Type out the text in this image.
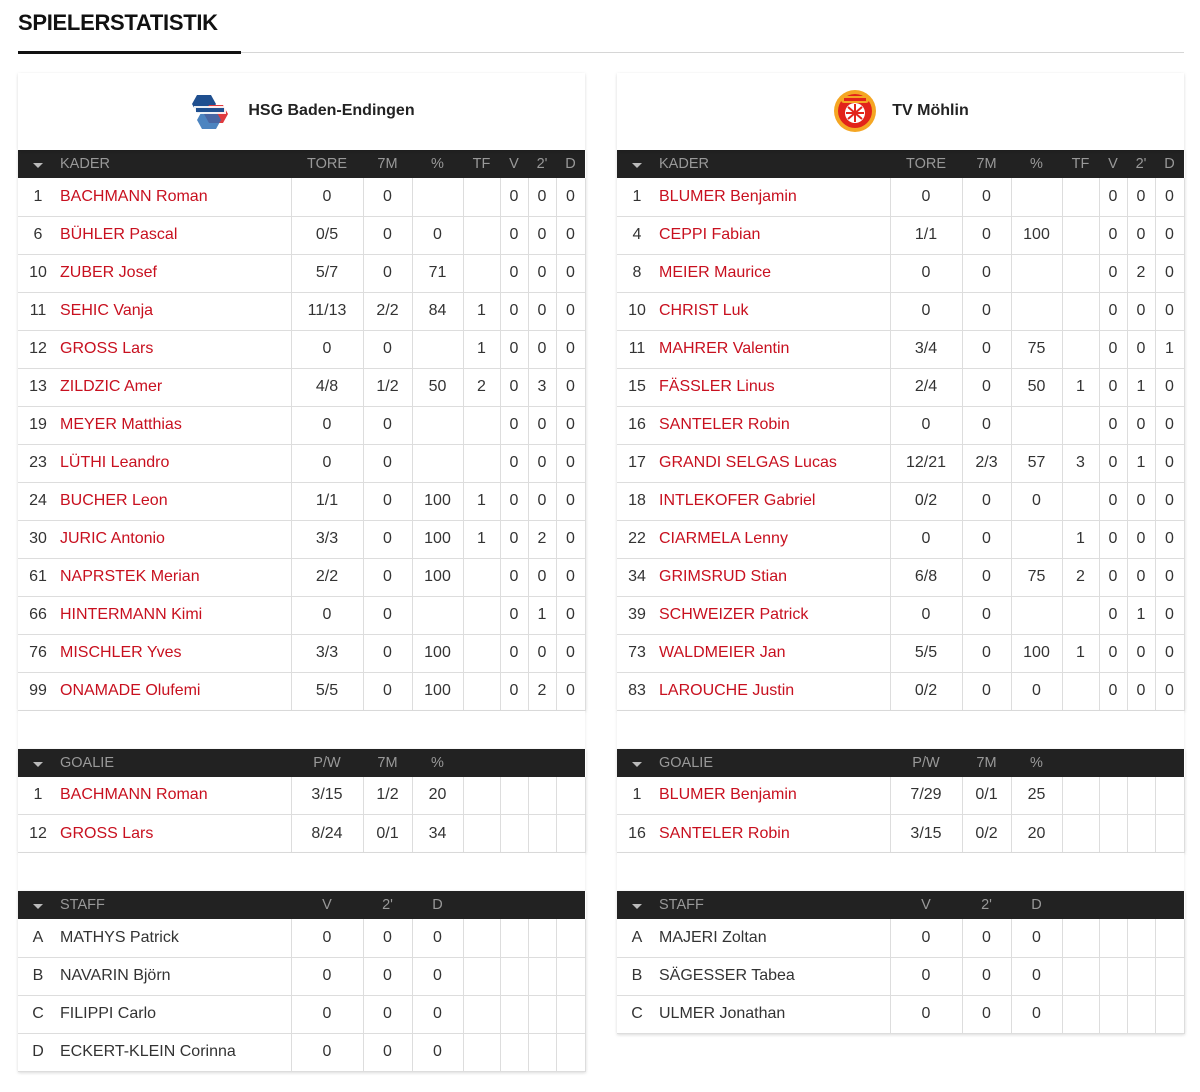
SPIELERSTATISTIK
HSG Baden-Endingen
	KADER	TORE	7M	%	TF	V	2'	D
1	BACHMANN Roman	0	0			0	0	0
6	BÜHLER Pascal	0/5	0	0		0	0	0
10	ZUBER Josef	5/7	0	71		0	0	0
11	SEHIC Vanja	11/13	2/2	84	1	0	0	0
12	GROSS Lars	0	0		1	0	0	0
13	ZILDZIC Amer	4/8	1/2	50	2	0	3	0
19	MEYER Matthias	0	0			0	0	0
23	LÜTHI Leandro	0	0			0	0	0
24	BUCHER Leon	1/1	0	100	1	0	0	0
30	JURIC Antonio	3/3	0	100	1	0	2	0
61	NAPRSTEK Merian	2/2	0	100		0	0	0
66	HINTERMANN Kimi	0	0			0	1	0
76	MISCHLER Yves	3/3	0	100		0	0	0
99	ONAMADE Olufemi	5/5	0	100		0	2	0
	GOALIE	P/W	7M	%				
1	BACHMANN Roman	3/15	1/2	20				
12	GROSS Lars	8/24	0/1	34				
	STAFF	V	2'	D				
A	MATHYS Patrick	0	0	0				
B	NAVARIN Björn	0	0	0				
C	FILIPPI Carlo	0	0	0				
D	ECKERT-KLEIN Corinna	0	0	0				
TV Möhlin
	KADER	TORE	7M	%	TF	V	2'	D
1	BLUMER Benjamin	0	0			0	0	0
4	CEPPI Fabian	1/1	0	100		0	0	0
8	MEIER Maurice	0	0			0	2	0
10	CHRIST Luk	0	0			0	0	0
11	MAHRER Valentin	3/4	0	75		0	0	1
15	FÄSSLER Linus	2/4	0	50	1	0	1	0
16	SANTELER Robin	0	0			0	0	0
17	GRANDI SELGAS Lucas	12/21	2/3	57	3	0	1	0
18	INTLEKOFER Gabriel	0/2	0	0		0	0	0
22	CIARMELA Lenny	0	0		1	0	0	0
34	GRIMSRUD Stian	6/8	0	75	2	0	0	0
39	SCHWEIZER Patrick	0	0			0	1	0
73	WALDMEIER Jan	5/5	0	100	1	0	0	0
83	LAROUCHE Justin	0/2	0	0		0	0	0
	GOALIE	P/W	7M	%				
1	BLUMER Benjamin	7/29	0/1	25				
16	SANTELER Robin	3/15	0/2	20				
	STAFF	V	2'	D				
A	MAJERI Zoltan	0	0	0				
B	SÄGESSER Tabea	0	0	0				
C	ULMER Jonathan	0	0	0				
